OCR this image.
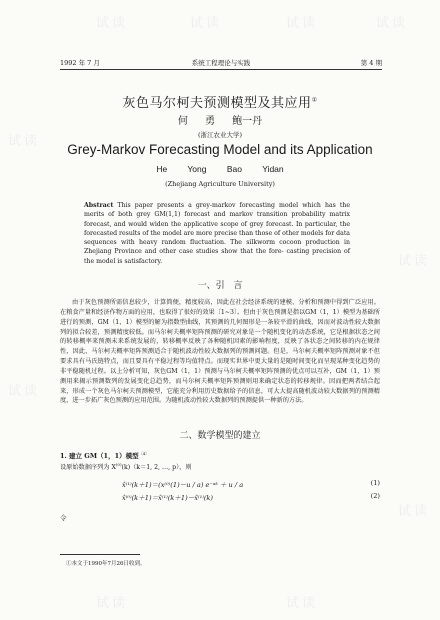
试读	试读	试读	试读
试读
试读
试读
试读
试读	试读
1992 年 7 月	系统工程理论与实践	第 4 期
灰色马尔柯夫预测模型及其应用①
何 勇 鲍一丹
(浙江农业大学)
Grey-Markov Forecasting Model and its Application
He Yong Bao Yidan
(Zhejiang Agriculture University)
Abstract This paper presents a grey-markov forecasting model which has the merits of both grey GM(1,1) forecast and markov transition probability matrix forecast, and would widen the applicative scope of grey forecast. In particular, the forecasted results of the model are more precise than those of other models for data sequences with heavy random fluctuation. The silkworm cocoon production in Zhejiang Province and other case studies show that the fore- casting precision of the model is satisfactory.
一、引 言
由于灰色预测所需信息较少，计算简便，精度较高，因此在社会经济系统的建模、分析和预测中得到广泛应用。在粮食产量和经济作物方面的应用，也取得了很好的效果〔1~3〕。但由于灰色预测是指以GM（1，1）模型为基础所进行的预测，GM（1，1）模型的解为指数型曲线，其预测的几何图形是一条较平滑的曲线，因而对波动性较大数据列的拟合较差，预测精度较低。而马尔柯夫概率矩阵预测的研究对象是一个随机变化的动态系统，它是根据状态之间的转移概率来预测未来系统发展的，转移概率反映了各种随机因素的影响程度，反映了各状态之间转移的内在规律性，因此，马尔柯夫概率矩阵预测适合于随机波动性较大数据列的预测问题。但是，马尔柯夫概率矩阵预测对象不但要求具有马氏链特点，而且要具有平稳过程等均值特点。而现实世界中更大量的是随时间变化而呈现某种变化趋势的非平稳随机过程。以上分析可知，灰色GM（1，1）预测与马尔柯夫概率矩阵预测的优点可以互补，GM（1，1）预测用来揭示预测数列的发展变化总趋势，而马尔柯夫概率矩阵预测则用来确定状态的转移规律。因而把两者结合起来，形成一个灰色马尔柯夫预测模型，它能充分利用历史数据给予的信息，可大大提高随机波动较大数据列的预测精度，进一步拓广灰色预测的应用范围。为随机波动性较大数据列的预测提供一种新的方法。
二、数学模型的建立
1. 建立 GM（1，1）模型$^{〔4〕}$
设原始数据序列为 $X^{(0)}(k)(k=1$, 2, …, p），则
x̂⁽¹⁾(k＋1)＝(x⁽⁰⁾(1)－u / a) e⁻ᵃᵏ ＋ u / a	(1)
x̂⁽⁰⁾(k＋1)＝x̂⁽¹⁾(k＋1)－x̂⁽¹⁾(k)	(2)
令
①本文于1990年7月26日收到。
